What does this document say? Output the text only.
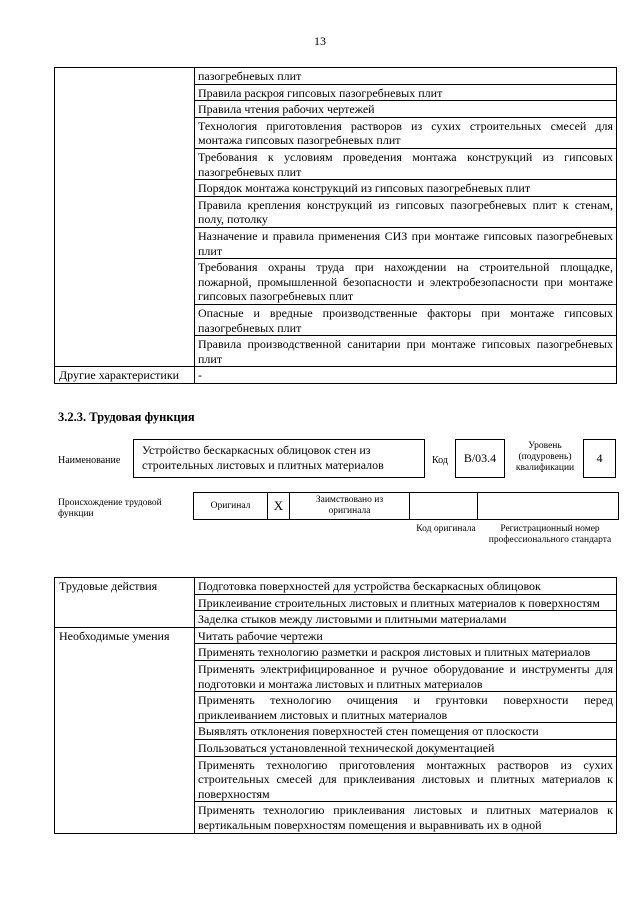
13
	пазогребневых плит
	Правила раскроя гипсовых пазогребневых плит
	Правила чтения рабочих чертежей
	Технология приготовления растворов из сухих строительных смесей для монтажа гипсовых пазогребневых плит
	Требования к условиям проведения монтажа конструкций из гипсовых пазогребневых плит
	Порядок монтажа конструкций из гипсовых пазогребневых плит
	Правила крепления конструкций из гипсовых пазогребневых плит к стенам, полу, потолку
	Назначение и правила применения СИЗ при монтаже гипсовых пазогребневых плит
	Требования охраны труда при нахождении на строительной площадке, пожарной, промышленной безопасности и электробезопасности при монтаже гипсовых пазогребневых плит
	Опасные и вредные производственные факторы при монтаже гипсовых пазогребневых плит
	Правила производственной санитарии при монтаже гипсовых пазогребневых плит
Другие характеристики	-
3.2.3. Трудовая функция
Наименование
Устройство бескаркасных облицовок стен из строительных листовых и плитных материалов	Код	B/03.4
Уровень (подуровень) квалификации
4
Происхождение трудовой функции
Оригинал	X	Заимствовано из оригинала
Код оригинала	Регистрационный номер профессионального стандарта
Трудовые действия	Подготовка поверхностей для устройства бескаркасных облицовок
	Приклеивание строительных листовых и плитных материалов к поверхностям
	Заделка стыков между листовыми и плитными материалами
Необходимые умения	Читать рабочие чертежи
	Применять технологию разметки и раскроя листовых и плитных материалов
	Применять электрифицированное и ручное оборудование и инструменты для подготовки и монтажа листовых и плитных материалов
	Применять технологию очищения и грунтовки поверхности перед приклеиванием листовых и плитных материалов
	Выявлять отклонения поверхностей стен помещения от плоскости
	Пользоваться установленной технической документацией
	Применять технологию приготовления монтажных растворов из сухих строительных смесей для приклеивания листовых и плитных материалов к поверхностям
	Применять технологию приклеивания листовых и плитных материалов к вертикальным поверхностям помещения и выравнивать их в одной
